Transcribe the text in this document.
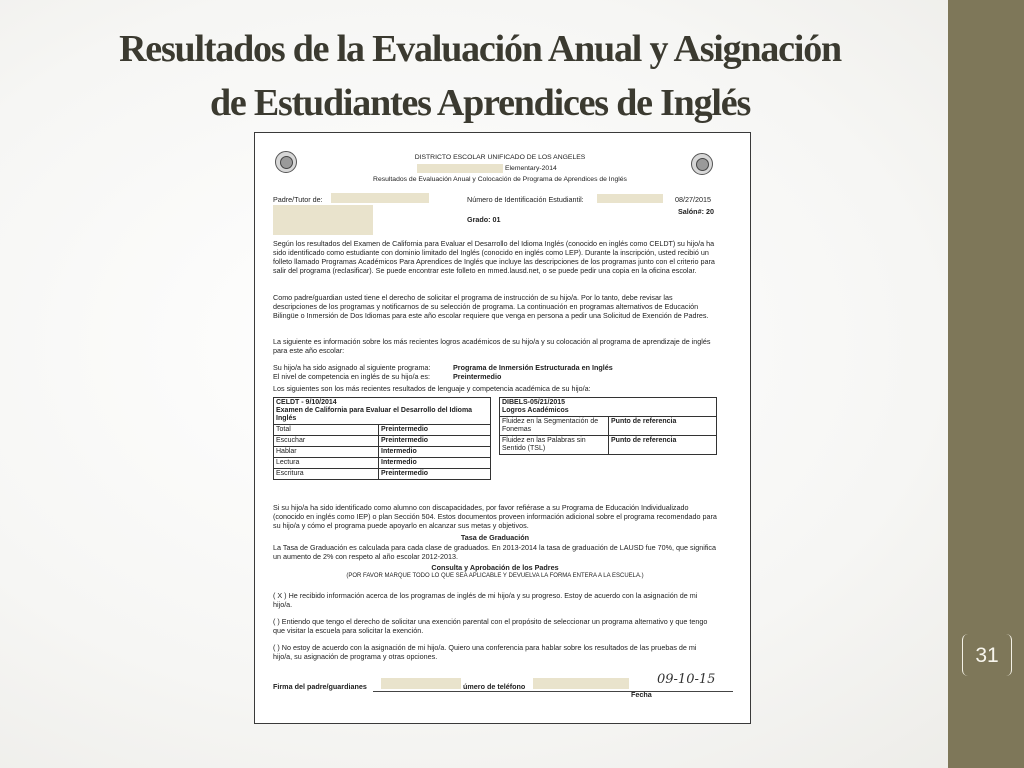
Resultados de la Evaluación Anual y Asignación
de Estudiantes Aprendices de Inglés
31
DISTRICTO ESCOLAR UNIFICADO DE LOS ANGELES
Elementary-2014
Resultados de Evaluación Anual y Colocación de Programa de Aprendices de Inglés
Padre/Tutor de:	Número de Identificación Estudiantil:	08/27/2015
Salón#: 20
Grado: 01
Según los resultados del Examen de California para Evaluar el Desarrollo del Idioma Inglés (conocido en inglés como CELDT) su hijo/a ha sido identificado como estudiante con dominio limitado del Inglés (conocido en inglés como LEP). Durante la inscripción, usted recibió un folleto llamado Programas Académicos Para Aprendices de Inglés que incluye las descripciones de los programas junto con el criterio para salir del programa (reclasificar). Se puede encontrar este folleto en mmed.lausd.net, o se puede pedir una copia en la oficina escolar.
Como padre/guardian usted tiene el derecho de solicitar el programa de instrucción de su hijo/a. Por lo tanto, debe revisar las descripciones de los programas y notificarnos de su selección de programa. La continuación en programas alternativos de Educación Bilingüe o Inmersión de Dos Idiomas para este año escolar requiere que venga en persona a pedir una Solicitud de Exención de Padres.
La siguiente es información sobre los más recientes logros académicos de su hijo/a y su colocación al programa de aprendizaje de inglés para este año escolar:
Su hijo/a ha sido asignado al siguiente programa:	Programa de Inmersión Estructurada en Inglés
El nivel de competencia en inglés de su hijo/a es:	Preintermedio
Los siguientes son los más recientes resultados de lenguaje y competencia académica de su hijo/a:
CELDT - 9/10/2014
Examen de California para Evaluar el Desarrollo del Idioma Inglés	

Total	Preintermedio
Escuchar	Preintermedio
Hablar	Intermedio
Lectura	Intermedio
Escritura	Preintermedio
DIBELS-05/21/2015
Logros Académicos	

Fluidez en la Segmentación de Fonemas	Punto de referencia
Fluidez en las Palabras sin Sentido (TSL)	Punto de referencia
Si su hijo/a ha sido identificado como alumno con discapacidades, por favor refiérase a su Programa de Educación Individualizado (conocido en inglés como IEP) o plan Sección 504. Estos documentos proveen información adicional sobre el programa recomendado para su hijo/a y cómo el programa puede apoyarlo en alcanzar sus metas y objetivos.
Tasa de Graduación
La Tasa de Graduación es calculada para cada clase de graduados. En 2013-2014 la tasa de graduación de LAUSD fue 70%, que significa un aumento de 2% con respeto al año escolar 2012-2013.
Consulta y Aprobación de los Padres
(POR FAVOR MARQUE TODO LO QUE SEA APLICABLE Y DEVUELVA LA FORMA ENTERA A LA ESCUELA.)
( X ) He recibido información acerca de los programas de inglés de mi hijo/a y su progreso. Estoy de acuerdo con la asignación de mi hijo/a.
( ) Entiendo que tengo el derecho de solicitar una exención parental con el propósito de seleccionar un programa alternativo y que tengo que visitar la escuela para solicitar la exención.
( ) No estoy de acuerdo con la asignación de mi hijo/a. Quiero una conferencia para hablar sobre los resultados de las pruebas de mi hijo/a, su asignación de programa y otras opciones.
Firma del padre/guardianes	úmero de teléfono
Fecha
09-10-15
